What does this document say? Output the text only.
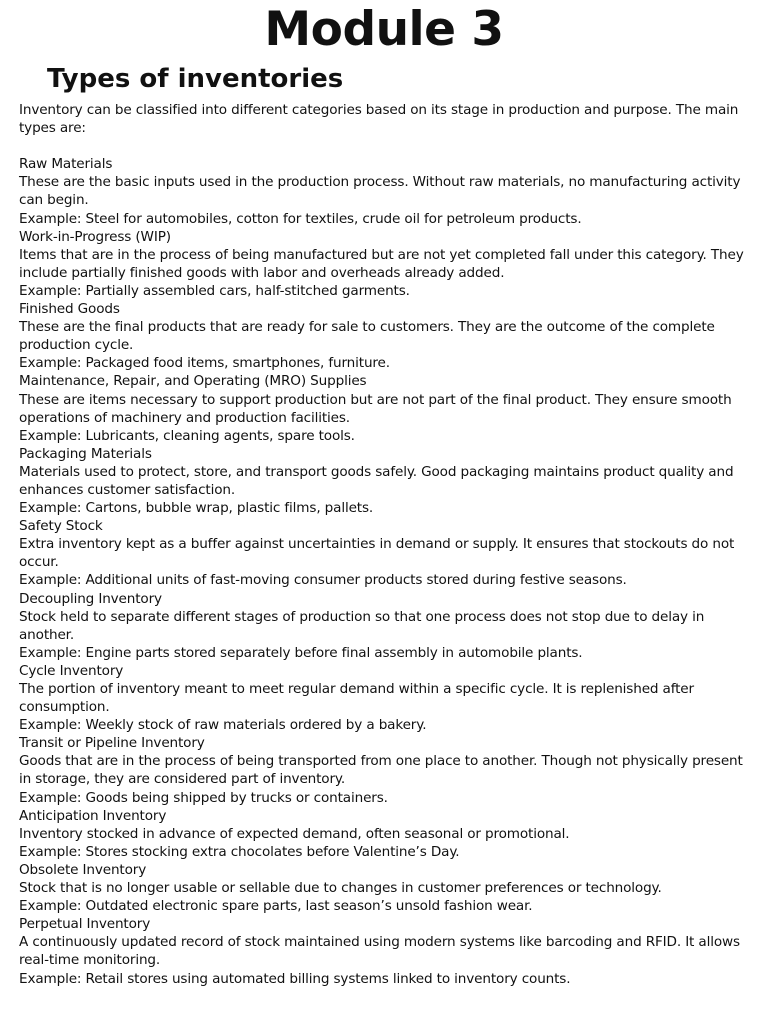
Module 3
Types of inventories

Inventory can be classified into different categories based on its stage in production and purpose. The main types are:

Raw Materials

These are the basic inputs used in the production process. Without raw materials, no manufacturing activity can begin.

Example: Steel for automobiles, cotton for textiles, crude oil for petroleum products.

Work-in-Progress (WIP)

Items that are in the process of being manufactured but are not yet completed fall under this category. They include partially finished goods with labor and overheads already added.

Example: Partially assembled cars, half-stitched garments.

Finished Goods

These are the final products that are ready for sale to customers. They are the outcome of the complete production cycle.

Example: Packaged food items, smartphones, furniture.

Maintenance, Repair, and Operating (MRO) Supplies

These are items necessary to support production but are not part of the final product. They ensure smooth operations of machinery and production facilities.

Example: Lubricants, cleaning agents, spare tools.

Packaging Materials

Materials used to protect, store, and transport goods safely. Good packaging maintains product quality and enhances customer satisfaction.

Example: Cartons, bubble wrap, plastic films, pallets.

Safety Stock

Extra inventory kept as a buffer against uncertainties in demand or supply. It ensures that stockouts do not occur.

Example: Additional units of fast-moving consumer products stored during festive seasons.

Decoupling Inventory

Stock held to separate different stages of production so that one process does not stop due to delay in another.

Example: Engine parts stored separately before final assembly in automobile plants.

Cycle Inventory

The portion of inventory meant to meet regular demand within a specific cycle. It is replenished after consumption.

Example: Weekly stock of raw materials ordered by a bakery.

Transit or Pipeline Inventory

Goods that are in the process of being transported from one place to another. Though not physically present in storage, they are considered part of inventory.

Example: Goods being shipped by trucks or containers.

Anticipation Inventory

Inventory stocked in advance of expected demand, often seasonal or promotional.

Example: Stores stocking extra chocolates before Valentine’s Day.

Obsolete Inventory

Stock that is no longer usable or sellable due to changes in customer preferences or technology.

Example: Outdated electronic spare parts, last season’s unsold fashion wear.

Perpetual Inventory

A continuously updated record of stock maintained using modern systems like barcoding and RFID. It allows real-time monitoring.

Example: Retail stores using automated billing systems linked to inventory counts.
